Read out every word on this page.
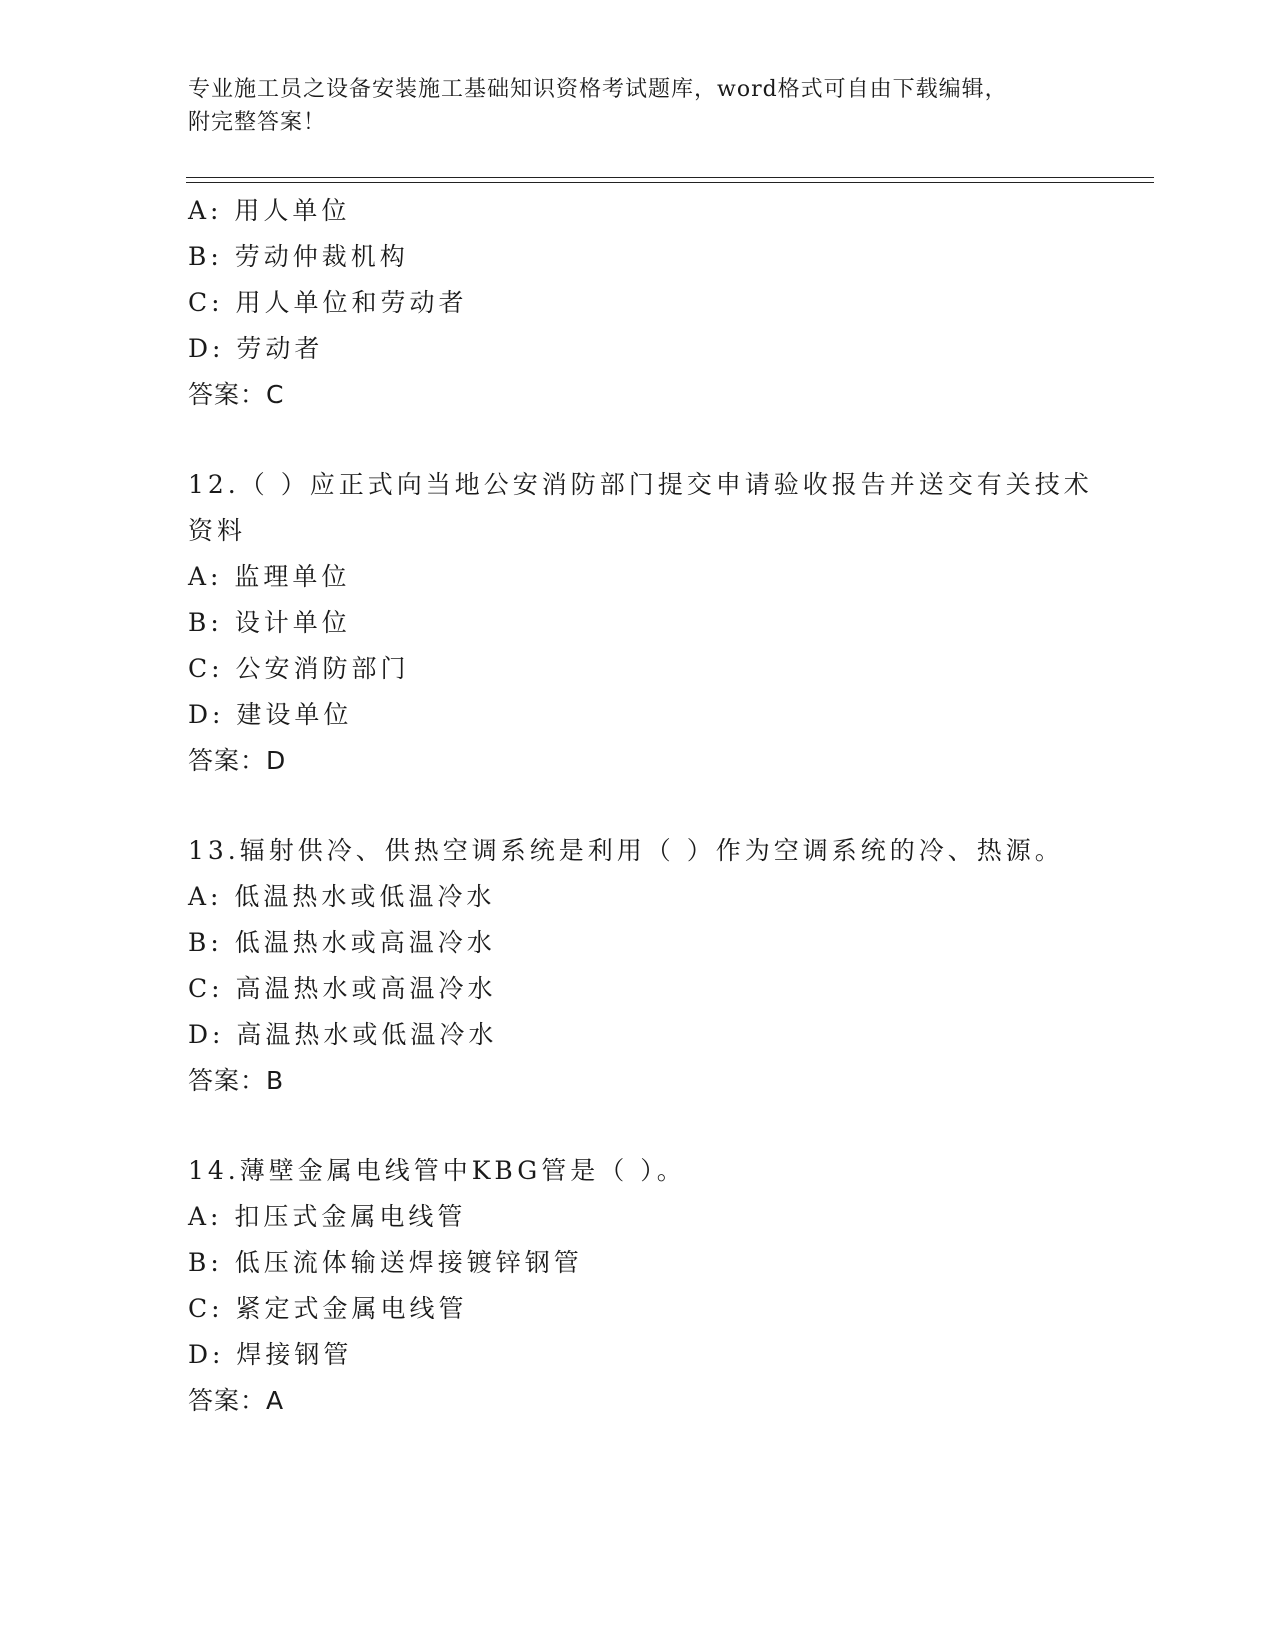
专业施工员之设备安装施工基础知识资格考试题库，word格式可自由下载编辑，
附完整答案！
A: 用人单位
B: 劳动仲裁机构
C: 用人单位和劳动者
D: 劳动者
答案：C
12.（ ）应正式向当地公安消防部门提交申请验收报告并送交有关技术资料
A: 监理单位
B: 设计单位
C: 公安消防部门
D: 建设单位
答案：D
13.辐射供冷、供热空调系统是利用（ ）作为空调系统的冷、热源。
A: 低温热水或低温冷水
B: 低温热水或高温冷水
C: 高温热水或高温冷水
D: 高温热水或低温冷水
答案：B
14.薄壁金属电线管中KBG管是（ ）。
A: 扣压式金属电线管
B: 低压流体输送焊接镀锌钢管
C: 紧定式金属电线管
D: 焊接钢管
答案：A
